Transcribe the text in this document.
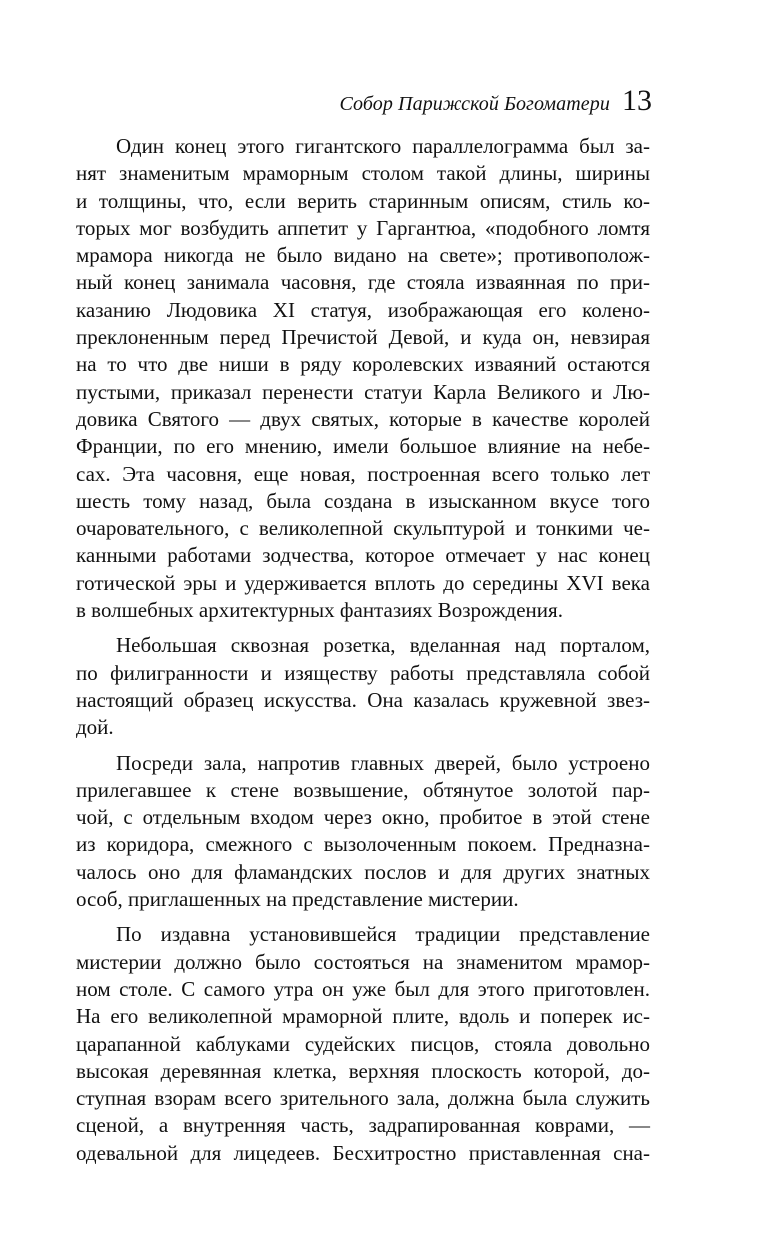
Собор Парижской Богоматери 13
Один конец этого гигантского параллелограмма был за-
нят знаменитым мраморным столом такой длины, ширины
и толщины, что, если верить старинным описям, стиль ко-
торых мог возбудить аппетит у Гаргантюа, «подобного ломтя
мрамора никогда не было видано на свете»; противополож-
ный конец занимала часовня, где стояла изваянная по при-
казанию Людовика XI статуя, изображающая его колено-
преклоненным перед Пречистой Девой, и куда он, невзирая
на то что две ниши в ряду королевских изваяний остаются
пустыми, приказал перенести статуи Карла Великого и Лю-
довика Святого — двух святых, которые в качестве королей
Франции, по его мнению, имели большое влияние на небе-
сах. Эта часовня, еще новая, построенная всего только лет
шесть тому назад, была создана в изысканном вкусе того
очаровательного, с великолепной скульптурой и тонкими че-
канными работами зодчества, которое отмечает у нас конец
готической эры и удерживается вплоть до середины XVI века
в волшебных архитектурных фантазиях Возрождения.
Небольшая сквозная розетка, вделанная над порталом,
по филигранности и изяществу работы представляла собой
настоящий образец искусства. Она казалась кружевной звез-
дой.
Посреди зала, напротив главных дверей, было устроено
прилегавшее к стене возвышение, обтянутое золотой пар-
чой, с отдельным входом через окно, пробитое в этой стене
из коридора, смежного с вызолоченным покоем. Предназна-
чалось оно для фламандских послов и для других знатных
особ, приглашенных на представление мистерии.
По издавна установившейся традиции представление
мистерии должно было состояться на знаменитом мрамор-
ном столе. С самого утра он уже был для этого приготовлен.
На его великолепной мраморной плите, вдоль и поперек ис-
царапанной каблуками судейских писцов, стояла довольно
высокая деревянная клетка, верхняя плоскость которой, до-
ступная взорам всего зрительного зала, должна была служить
сценой, а внутренняя часть, задрапированная коврами, —
одевальной для лицедеев. Бесхитростно приставленная сна-
